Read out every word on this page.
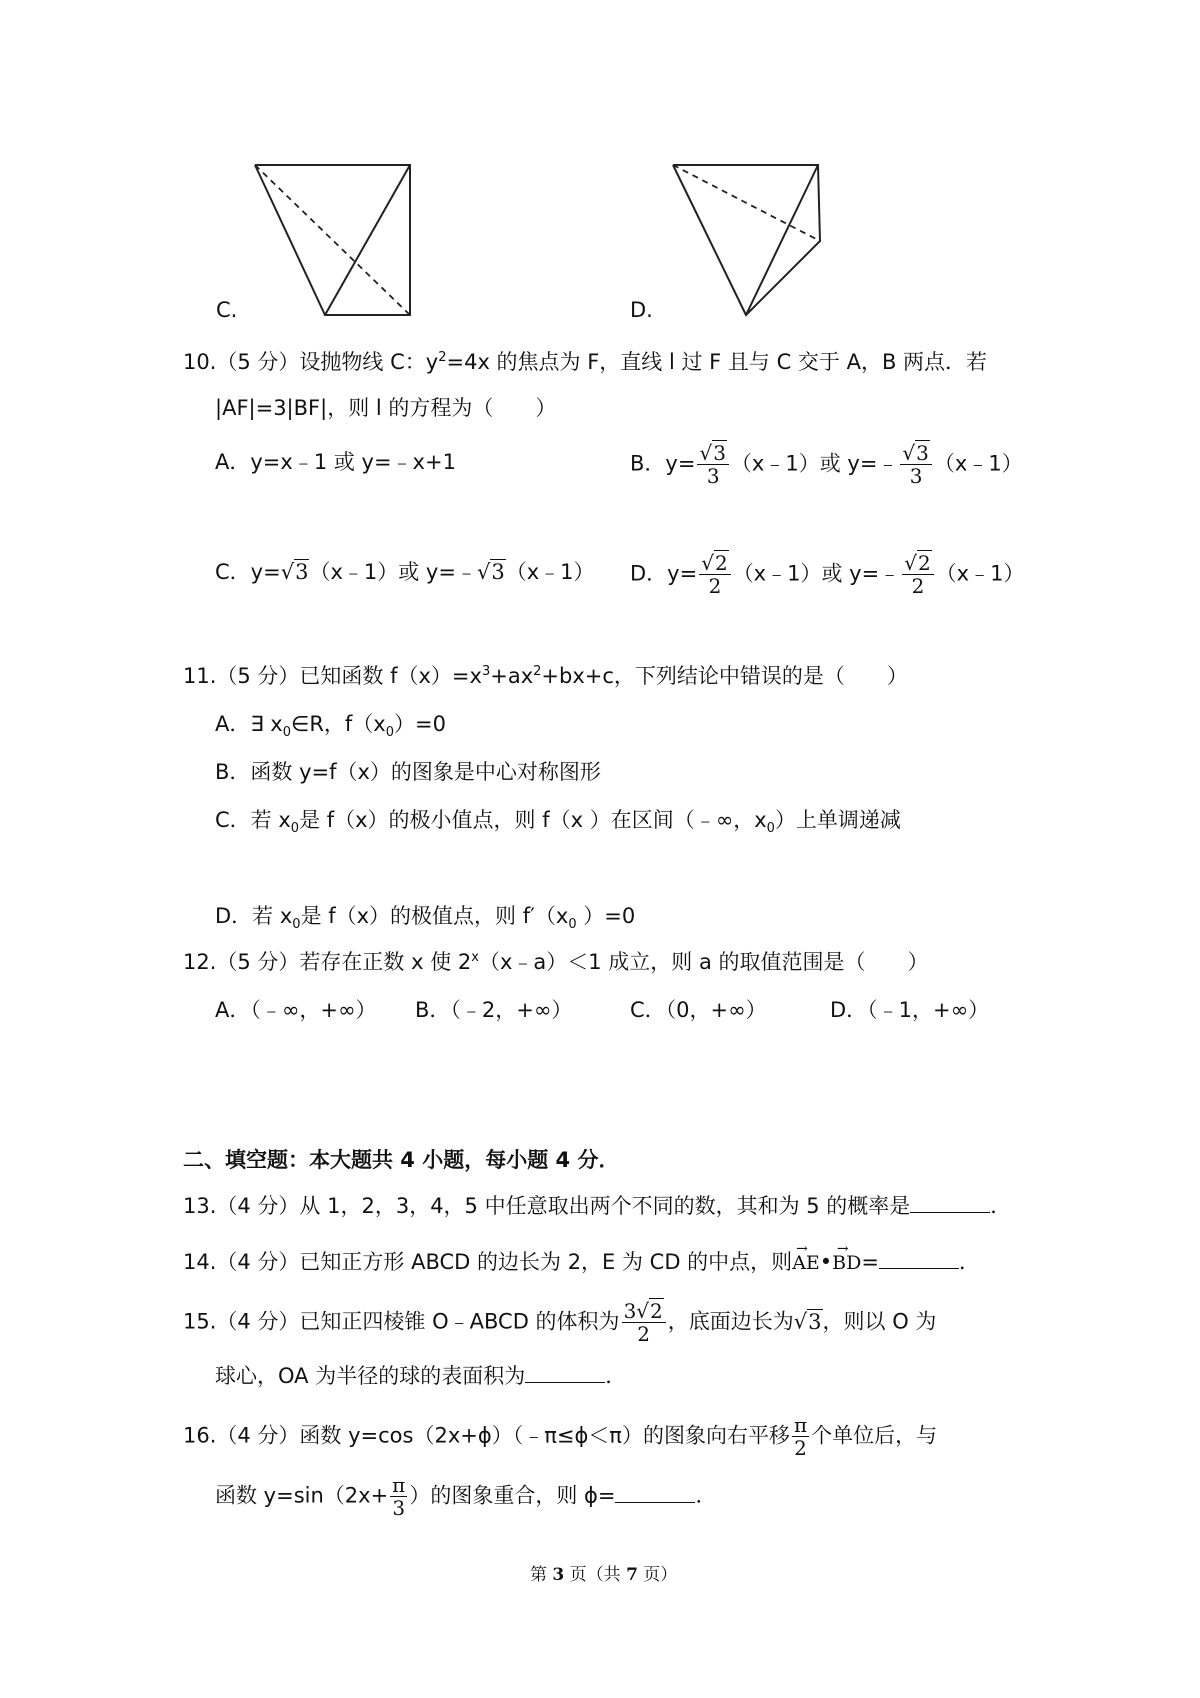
C.	D.
10.（5 分）设抛物线 C：$y^2=4x$ 的焦点为 F，直线 l 过 F 且与 C 交于 A，B 两点．若
|AF|=3|BF|，则 l 的方程为（　　）
A．y=x﹣1 或 y=﹣x+1	B．$y= \frac{√3}{3}$ （x﹣1）或 y=﹣ $\frac{√3}{3}$ （x﹣1）
C．y=√3（x﹣1）或 y=﹣√3（x﹣1） D．$y= \frac{√2}{2}$ （x﹣1）或 y=﹣ $\frac{√2}{2}$ （x﹣1）
11.（5 分）已知函数 $f(x)=x^3+ax^2+bx+c$，下列结论中错误的是（　　）
A．∃ $x_0\in R$，$f(x_0)=0$
B．函数 y=f（x）的图象是中心对称图形
C．若 $x_0$是 f（x）的极小值点，则 f（x ）在区间（﹣∞，$x_0$）上单调递减
D．若 $x_0$是 f（x）的极值点，则 $f'(x_0$ ）=0
12.（5 分）若存在正数 x 使 $2^x(x﹣a)<1$ 成立，则 a 的取值范围是（　　）
A．（﹣∞，+∞） B．（﹣2，+∞）	C．（0，+∞）	D．（﹣1，+∞）
二、填空题：本大题共 4 小题，每小题 4 分．
13.（4 分）从 1，2，3，4，5 中任意取出两个不同的数，其和为 5 的概率是	．
14.（4 分）已知正方形 ABCD 的边长为 2，E 为 CD 的中点，则→ AE•→ BD=	．
15.（4 分）已知正四棱锥 O﹣ABCD 的体积为 $\frac{3√2}{2}$ ，底面边长为√3，则以 O 为
球心，OA 为半径的球的表面积为	．
16.（4 分）函数 y=cos（2x+ϕ）（﹣π≤ϕ＜π）的图象向右平移 $\frac{\pi}{2}$ 个单位后，与
函数 $y=\sin(2x+ \frac{\pi}{3}$ ）的图象重合，则 ϕ=	．
第 3 页（共 7 页）
